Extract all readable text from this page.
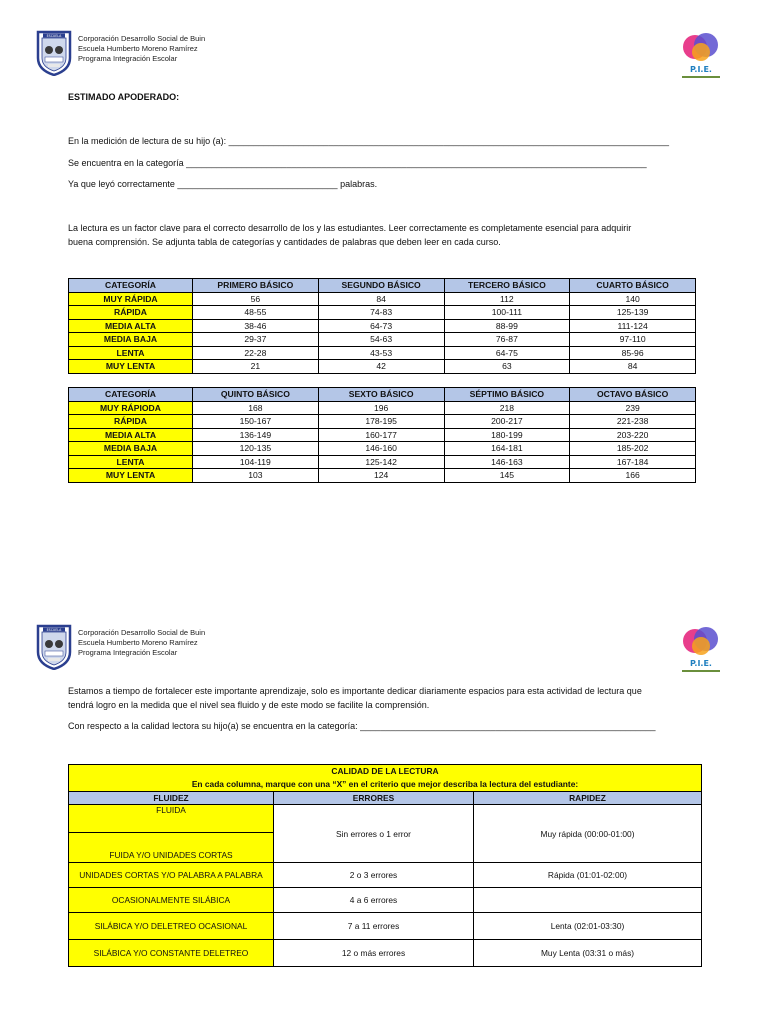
ESCUELA Corporación Desarrollo Social de Buin
Escuela Humberto Moreno Ramírez
Programa Integración Escolar
P.I.E.
ESTIMADO APODERADO:
En la medición de lectura de su hijo (a): ________________________________________________________________________________________
Se encuentra en la categoría ____________________________________________________________________________________________
Ya que leyó correctamente ________________________________ palabras.
La lectura es un factor clave para el correcto desarrollo de los y las estudiantes. Leer correctamente es completamente esencial para adquirir
buena comprensión. Se adjunta tabla de categorías y cantidades de palabras que deben leer en cada curso.
CATEGORÍA	PRIMERO BÁSICO	SEGUNDO BÁSICO	TERCERO BÁSICO	CUARTO BÁSICO
MUY RÁPIDA	56	84	112	140
RÁPIDA	48-55	74-83	100-111	125-139
MEDIA ALTA	38-46	64-73	88-99	111-124
MEDIA BAJA	29-37	54-63	76-87	97-110
LENTA	22-28	43-53	64-75	85-96
MUY LENTA	21	42	63	84
CATEGORÍA	QUINTO BÁSICO	SEXTO BÁSICO	SÉPTIMO BÁSICO	OCTAVO BÁSICO
MUY RÁPIODA	168	196	218	239
RÁPIDA	150-167	178-195	200-217	221-238
MEDIA ALTA	136-149	160-177	180-199	203-220
MEDIA BAJA	120-135	146-160	164-181	185-202
LENTA	104-119	125-142	146-163	167-184
MUY LENTA	103	124	145	166
ESCUELA Corporación Desarrollo Social de Buin
Escuela Humberto Moreno Ramírez
Programa Integración Escolar
P.I.E.
Estamos a tiempo de fortalecer este importante aprendizaje, solo es importante dedicar diariamente espacios para esta actividad de lectura que
tendrá logro en la medida que el nivel sea fluido y de este modo se facilite la comprensión.
Con respecto a la calidad lectora su hijo(a) se encuentra en la categoría: ___________________________________________________________
CALIDAD DE LA LECTURA
En cada columna, marque con una “X” en el criterio que mejor describa la lectura del estudiante:		

FLUIDEZ	ERRORES	RAPIDEZ
FLUIDA	Sin errores o 1 error	Muy rápida (00:00-01:00)
FUIDA Y/O UNIDADES CORTAS		
UNIDADES CORTAS Y/O PALABRA A PALABRA	2 o 3 errores	Rápida (01:01-02:00)
OCASIONALMENTE SILÁBICA	4 a 6 errores	
SILÁBICA Y/O DELETREO OCASIONAL	7 a 11 errores	Lenta (02:01-03:30)
SILÁBICA Y/O CONSTANTE DELETREO	12 o más errores	Muy Lenta (03:31 o más)
